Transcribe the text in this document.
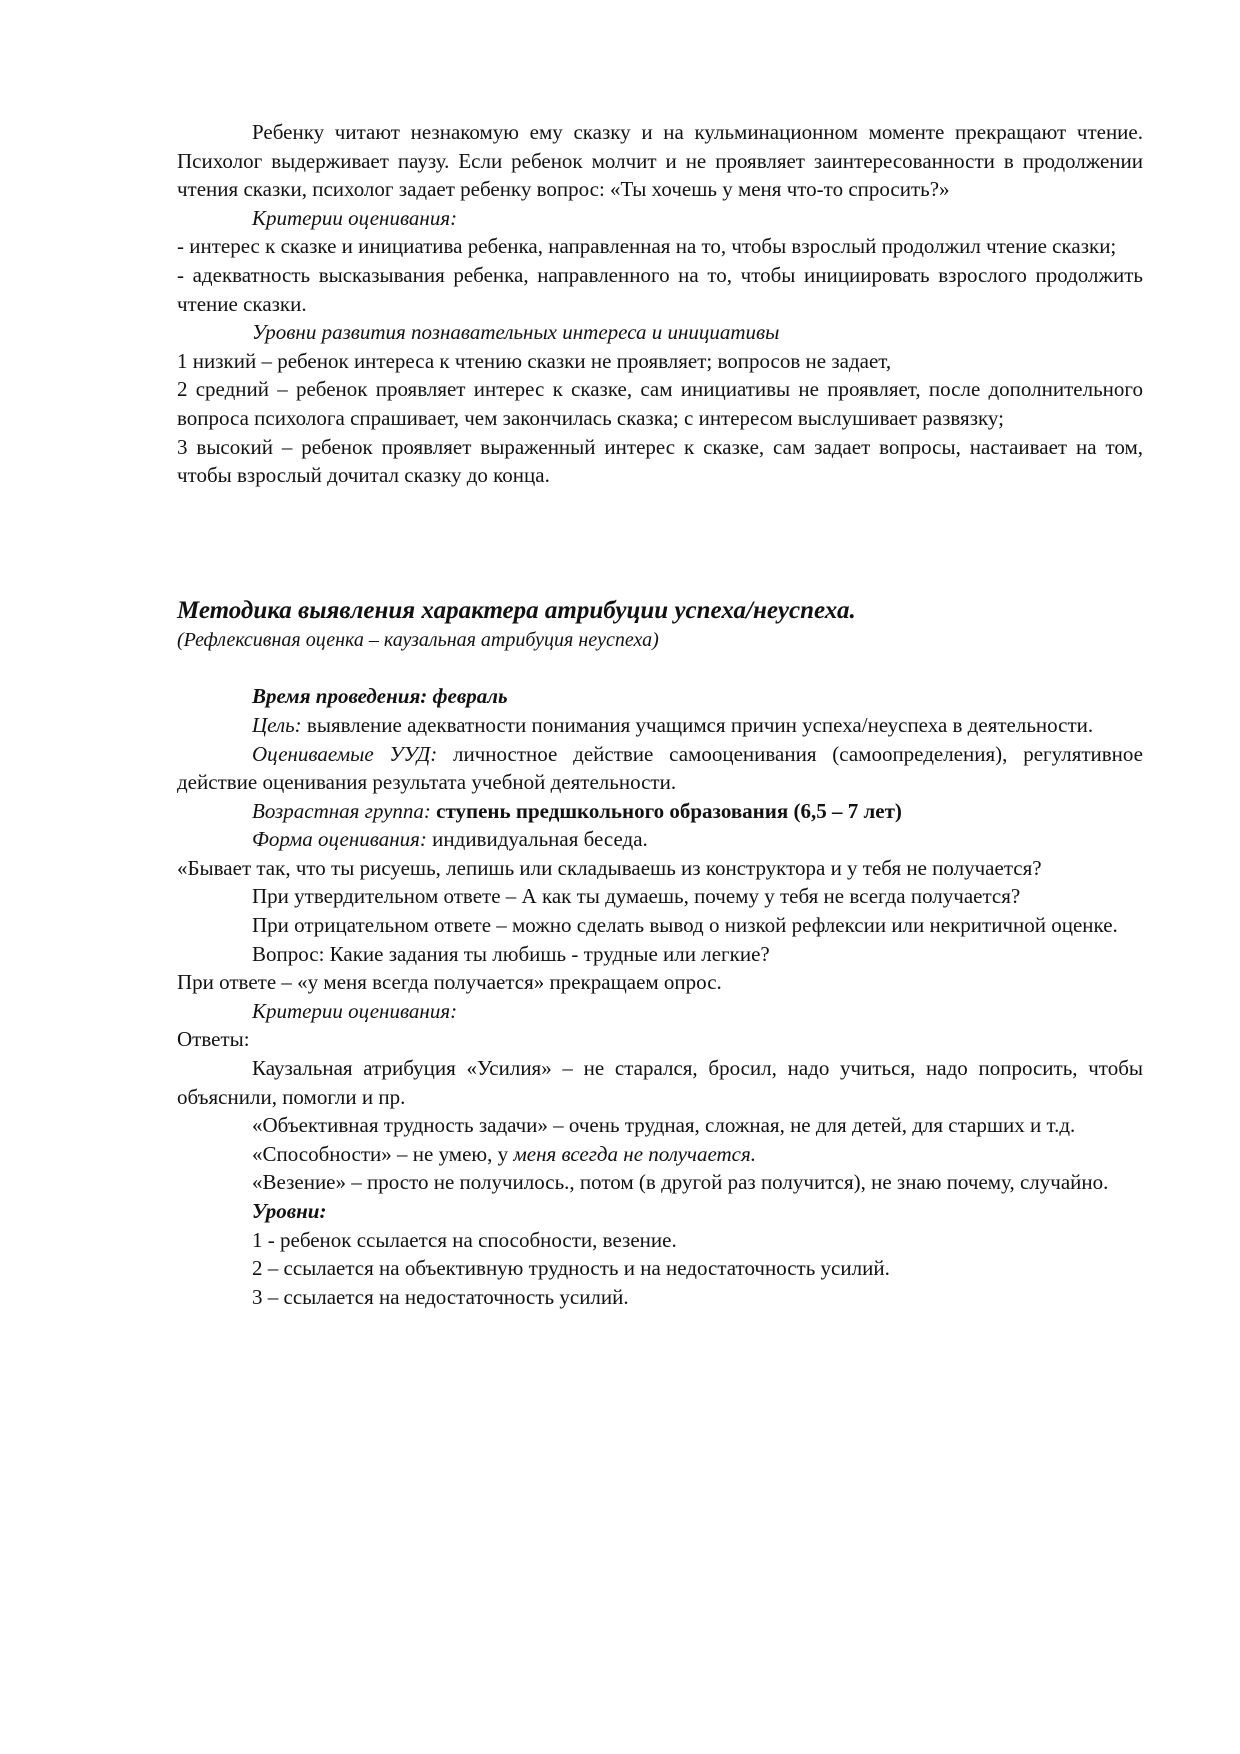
Ребенку читают незнакомую ему сказку и на кульминационном моменте прекращают чтение. Психолог выдерживает паузу. Если ребенок молчит и не проявляет заинтересованности в продолжении чтения сказки, психолог задает ребенку вопрос: «Ты хочешь у меня что-то спросить?»

Критерии оценивания:

- интерес к сказке и инициатива ребенка, направленная на то, чтобы взрослый продолжил чтение сказки;

- адекватность высказывания ребенка, направленного на то, чтобы инициировать взрослого продолжить чтение сказки.

Уровни развития познавательных интереса и инициативы

1 низкий – ребенок интереса к чтению сказки не проявляет; вопросов не задает,

2 средний – ребенок проявляет интерес к сказке, сам инициативы не проявляет, после дополнительного вопроса психолога спрашивает, чем закончилась сказка; с интересом выслушивает развязку;

3 высокий – ребенок проявляет выраженный интерес к сказке, сам задает вопросы, настаивает на том, чтобы взрослый дочитал сказку до конца.

Методика выявления характера атрибуции успеха/неуспеха.

(Рефлексивная оценка – каузальная атрибуция неуспеха)

Время проведения: февраль

Цель: выявление адекватности понимания учащимся причин успеха/неуспеха в деятельности.

Оцениваемые УУД: личностное действие самооценивания (самоопределения), регулятивное действие оценивания результата учебной деятельности.

Возрастная группа: ступень предшкольного образования (6,5 – 7 лет)

Форма оценивания: индивидуальная беседа.

«Бывает так, что ты рисуешь, лепишь или складываешь из конструктора и у тебя не получается?

При утвердительном ответе – А как ты думаешь, почему у тебя не всегда получается?

При отрицательном ответе – можно сделать вывод о низкой рефлексии или некритичной оценке.

Вопрос: Какие задания ты любишь - трудные или легкие?

При ответе – «у меня всегда получается» прекращаем опрос.

Критерии оценивания:

Ответы:

Каузальная атрибуция «Усилия» – не старался, бросил, надо учиться, надо попросить, чтобы объяснили, помогли и пр.

«Объективная трудность задачи» – очень трудная, сложная, не для детей, для старших и т.д.

«Способности» – не умею, у меня всегда не получается.

«Везение» – просто не получилось., потом (в другой раз получится), не знаю почему, случайно.

Уровни:

1 - ребенок ссылается на способности, везение.

2 – ссылается на объективную трудность и на недостаточность усилий.

3 – ссылается на недостаточность усилий.
